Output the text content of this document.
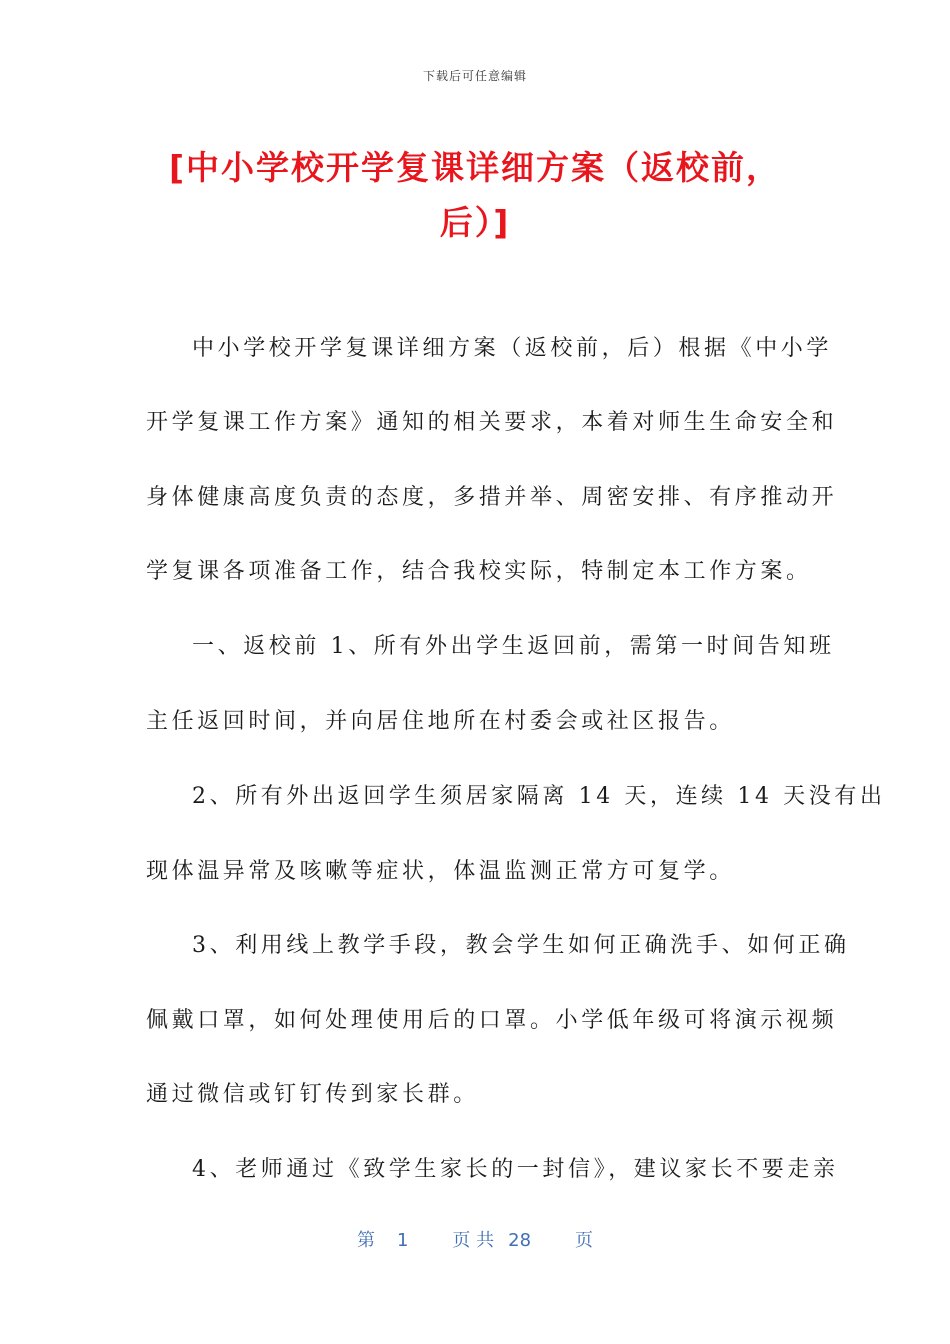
下载后可任意编辑
[中小学校开学复课详细方案（返校前，
后）]
中小学校开学复课详细方案（返校前，后）根据《中小学
开学复课工作方案》通知的相关要求，本着对师生生命安全和
身体健康高度负责的态度，多措并举、周密安排、有序推动开
学复课各项准备工作，结合我校实际，特制定本工作方案。
一、返校前 1、所有外出学生返回前，需第一时间告知班
主任返回时间，并向居住地所在村委会或社区报告。
2、所有外出返回学生须居家隔离 14 天，连续 14 天没有出
现体温异常及咳嗽等症状，体温监测正常方可复学。
3、利用线上教学手段，教会学生如何正确洗手、如何正确
佩戴口罩，如何处理使用后的口罩。小学低年级可将演示视频
通过微信或钉钉传到家长群。
4、老师通过《致学生家长的一封信》，建议家长不要走亲
第 1 页 共 28 页
